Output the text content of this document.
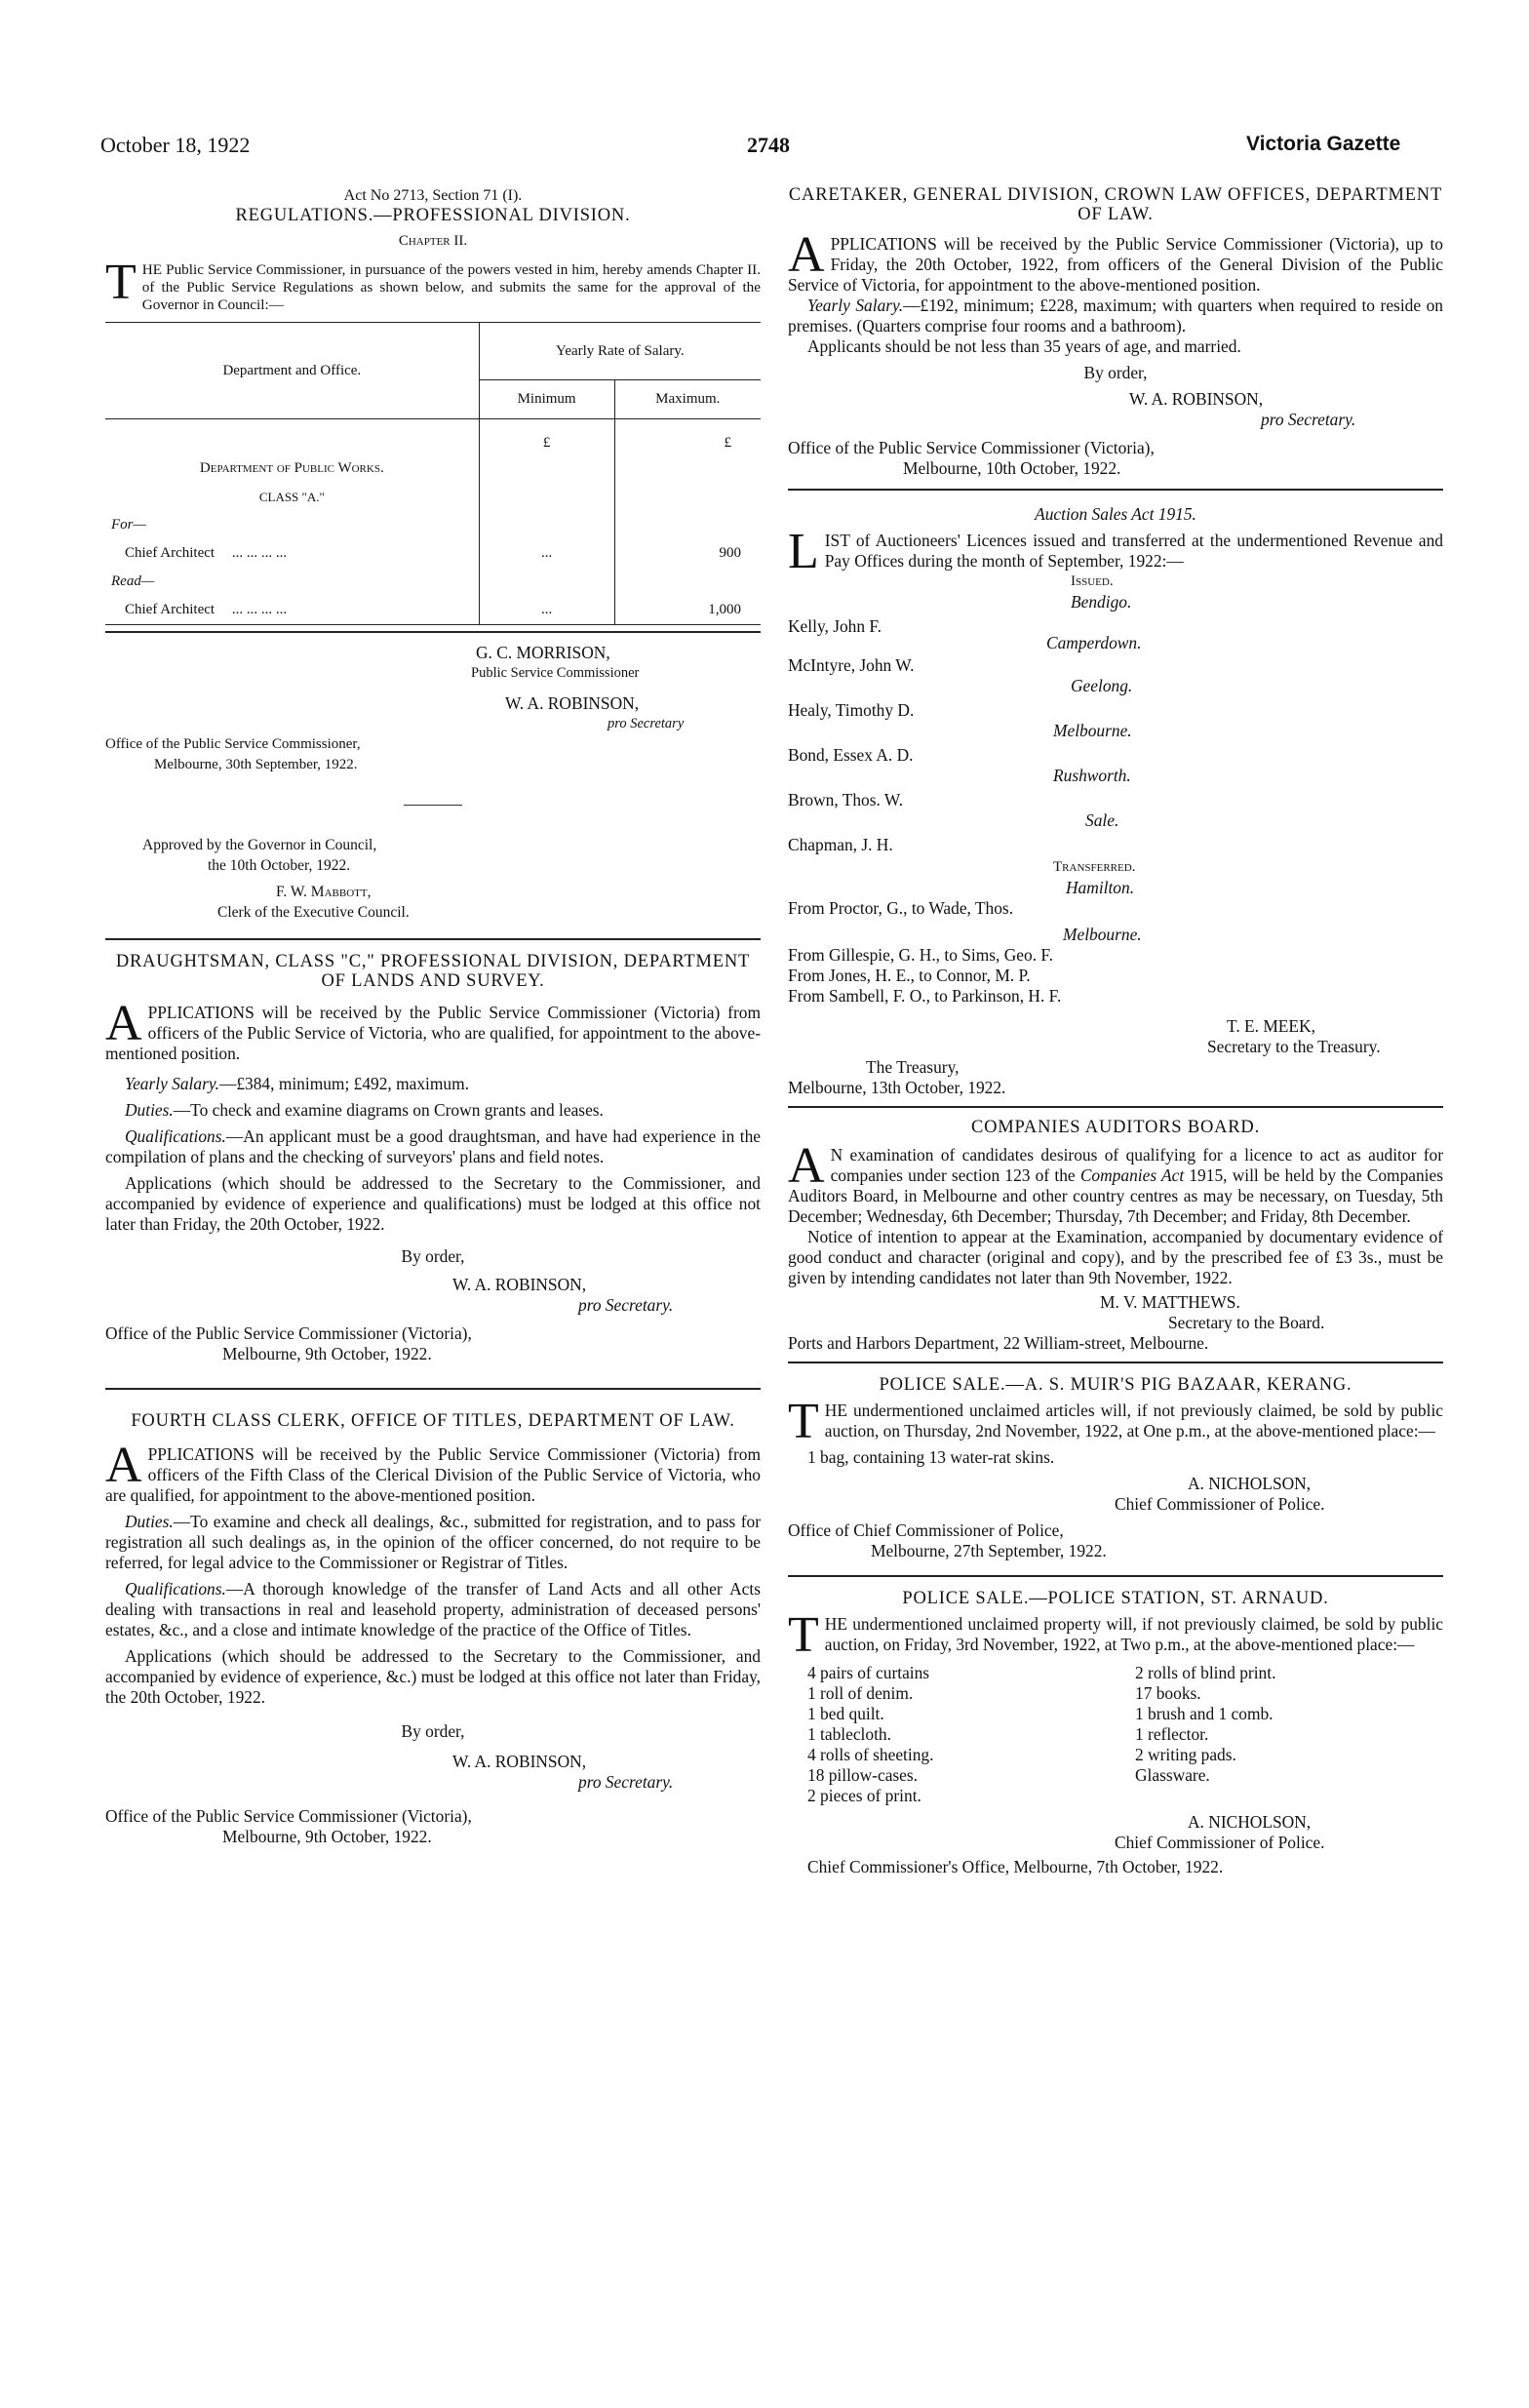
October 18, 1922	2748	Victoria Gazette

Act No 2713, Section 71 (I).

REGULATIONS.—PROFESSIONAL DIVISION.

Chapter II.

THE Public Service Commissioner, in pursuance of the powers vested in him, hereby amends Chapter II. of the Public Service Regulations as shown below, and submits the same for the approval of the Governor in Council:—

Department and Office.	Yearly Rate of Salary.	
	Minimum	Maximum.
Department of Public Works.	£	£
CLASS "A."		
For—		
Chief Architect ... ... ... ...	...	900
Read—		
Chief Architect ... ... ... ...	...	1,000

G. C. MORRISON,

Public Service Commissioner

W. A. ROBINSON,

pro Secretary

Office of the Public Service Commissioner,

Melbourne, 30th September, 1922.

Approved by the Governor in Council,

the 10th October, 1922.

F. W. Mabbott,

Clerk of the Executive Council.

DRAUGHTSMAN, CLASS "C," PROFESSIONAL DIVISION, DEPARTMENT OF LANDS AND SURVEY.

APPLICATIONS will be received by the Public Service Commissioner (Victoria) from officers of the Public Service of Victoria, who are qualified, for appointment to the above-mentioned position.

Yearly Salary.—£384, minimum; £492, maximum.

Duties.—To check and examine diagrams on Crown grants and leases.

Qualifications.—An applicant must be a good draughtsman, and have had experience in the compilation of plans and the checking of surveyors' plans and field notes.

Applications (which should be addressed to the Secretary to the Commissioner, and accompanied by evidence of experience and qualifications) must be lodged at this office not later than Friday, the 20th October, 1922.

By order,

W. A. ROBINSON,

pro Secretary.

Office of the Public Service Commissioner (Victoria),

Melbourne, 9th October, 1922.

FOURTH CLASS CLERK, OFFICE OF TITLES, DEPARTMENT OF LAW.

APPLICATIONS will be received by the Public Service Commissioner (Victoria) from officers of the Fifth Class of the Clerical Division of the Public Service of Victoria, who are qualified, for appointment to the above-mentioned position.

Duties.—To examine and check all dealings, &c., submitted for registration, and to pass for registration all such dealings as, in the opinion of the officer concerned, do not require to be referred, for legal advice to the Commissioner or Registrar of Titles.

Qualifications.—A thorough knowledge of the transfer of Land Acts and all other Acts dealing with transactions in real and leasehold property, administration of deceased persons' estates, &c., and a close and intimate knowledge of the practice of the Office of Titles.

Applications (which should be addressed to the Secretary to the Commissioner, and accompanied by evidence of experience, &c.) must be lodged at this office not later than Friday, the 20th October, 1922.

By order,

W. A. ROBINSON,

pro Secretary.

Office of the Public Service Commissioner (Victoria),

Melbourne, 9th October, 1922.

CARETAKER, GENERAL DIVISION, CROWN LAW OFFICES, DEPARTMENT OF LAW.

APPLICATIONS will be received by the Public Service Commissioner (Victoria), up to Friday, the 20th October, 1922, from officers of the General Division of the Public Service of Victoria, for appointment to the above-mentioned position.

Yearly Salary.—£192, minimum; £228, maximum; with quarters when required to reside on premises. (Quarters comprise four rooms and a bathroom).

Applicants should be not less than 35 years of age, and married.

By order,

W. A. ROBINSON,

pro Secretary.

Office of the Public Service Commissioner (Victoria),

Melbourne, 10th October, 1922.

Auction Sales Act 1915.

LIST of Auctioneers' Licences issued and transferred at the undermentioned Revenue and Pay Offices during the month of September, 1922:—

Issued.

Bendigo.

Kelly, John F.

Camperdown.

McIntyre, John W.

Geelong.

Healy, Timothy D.

Melbourne.

Bond, Essex A. D.

Rushworth.

Brown, Thos. W.

Sale.

Chapman, J. H.

Transferred.

Hamilton.

From Proctor, G., to Wade, Thos.

Melbourne.

From Gillespie, G. H., to Sims, Geo. F.

From Jones, H. E., to Connor, M. P.

From Sambell, F. O., to Parkinson, H. F.

T. E. MEEK,

Secretary to the Treasury.

The Treasury,

Melbourne, 13th October, 1922.

COMPANIES AUDITORS BOARD.

A N examination of candidates desirous of qualifying for a licence to act as auditor for companies under section 123 of the Companies Act 1915, will be held by the Companies Auditors Board, in Melbourne and other country centres as may be necessary, on Tuesday, 5th December; Wednesday, 6th December; Thursday, 7th December; and Friday, 8th December.

Notice of intention to appear at the Examination, accompanied by documentary evidence of good conduct and character (original and copy), and by the prescribed fee of £3 3s., must be given by intending candidates not later than 9th November, 1922.

M. V. MATTHEWS.

Secretary to the Board.

Ports and Harbors Department, 22 William-street, Melbourne.

POLICE SALE.—A. S. MUIR'S PIG BAZAAR, KERANG.

THE undermentioned unclaimed articles will, if not previously claimed, be sold by public auction, on Thursday, 2nd November, 1922, at One p.m., at the above-mentioned place:—

1 bag, containing 13 water-rat skins.

A. NICHOLSON,

Chief Commissioner of Police.

Office of Chief Commissioner of Police,

Melbourne, 27th September, 1922.

POLICE SALE.—POLICE STATION, ST. ARNAUD.

THE undermentioned unclaimed property will, if not previously claimed, be sold by public auction, on Friday, 3rd November, 1922, at Two p.m., at the above-mentioned place:—

4 pairs of curtains	2 rolls of blind print.

1 roll of denim.	17 books.

1 bed quilt.	1 brush and 1 comb.

1 tablecloth.	1 reflector.

4 rolls of sheeting.	2 writing pads.

18 pillow-cases.	Glassware.

2 pieces of print.

A. NICHOLSON,

Chief Commissioner of Police.

Chief Commissioner's Office, Melbourne, 7th October, 1922.
